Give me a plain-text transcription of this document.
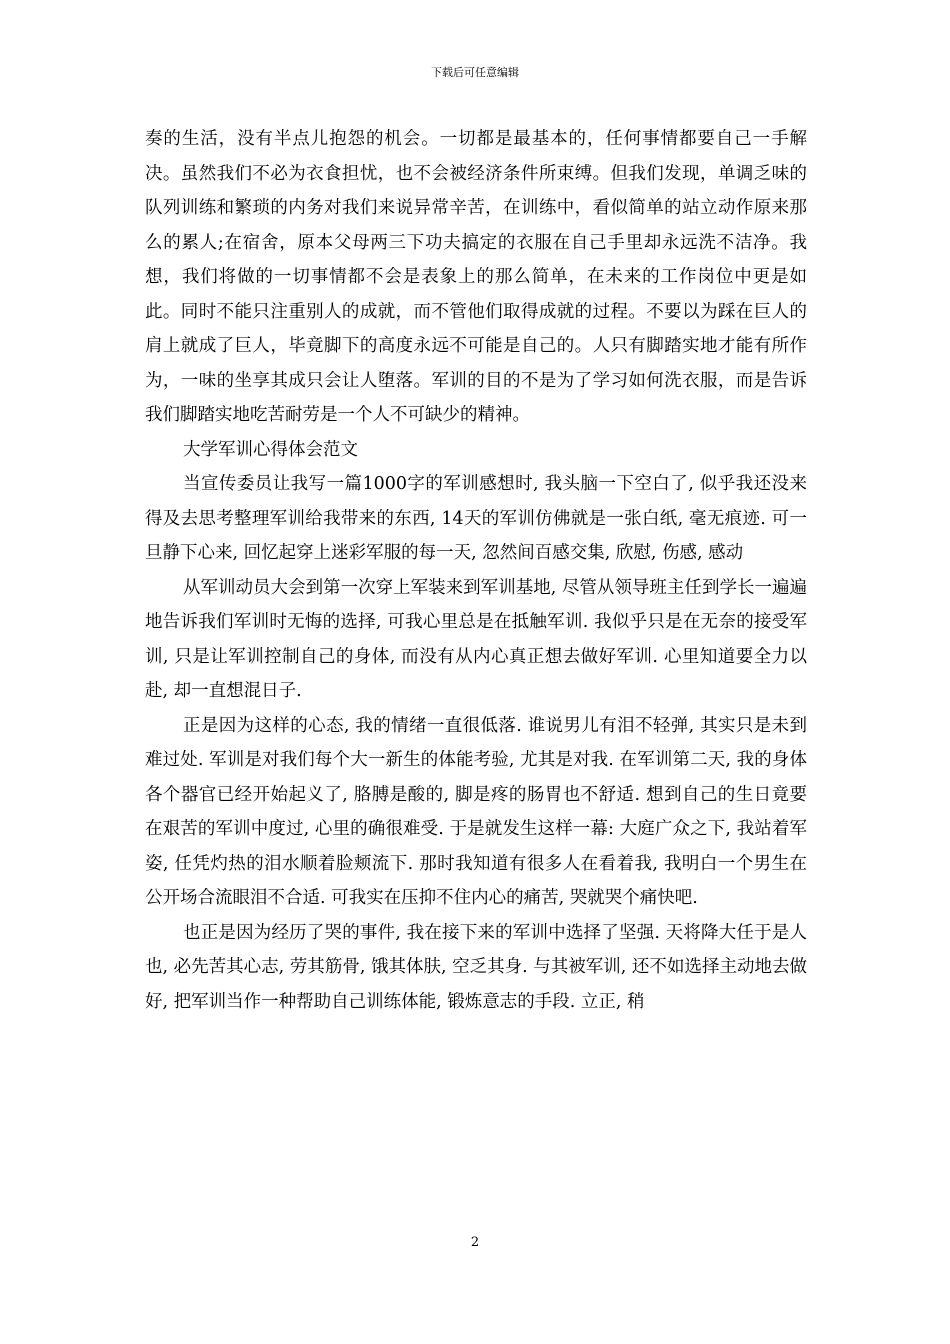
下载后可任意编辑

奏的生活，没有半点儿抱怨的机会。一切都是最基本的，任何事情都要自己一手解决。虽然我们不必为衣食担忧，也不会被经济条件所束缚。但我们发现，单调乏味的队列训练和繁琐的内务对我们来说异常辛苦，在训练中，看似简单的站立动作原来那么的累人;在宿舍，原本父母两三下功夫搞定的衣服在自己手里却永远洗不洁净。我想，我们将做的一切事情都不会是表象上的那么简单，在未来的工作岗位中更是如此。同时不能只注重别人的成就，而不管他们取得成就的过程。不要以为踩在巨人的肩上就成了巨人，毕竟脚下的高度永远不可能是自己的。人只有脚踏实地才能有所作为，一味的坐享其成只会让人堕落。军训的目的不是为了学习如何洗衣服，而是告诉我们脚踏实地吃苦耐劳是一个人不可缺少的精神。

大学军训心得体会范文

当宣传委员让我写一篇1000字的军训感想时, 我头脑一下空白了, 似乎我还没来得及去思考整理军训给我带来的东西, 14天的军训仿佛就是一张白纸, 毫无痕迹. 可一旦静下心来, 回忆起穿上迷彩军服的每一天, 忽然间百感交集, 欣慰, 伤感, 感动

从军训动员大会到第一次穿上军装来到军训基地, 尽管从领导班主任到学长一遍遍地告诉我们军训时无悔的选择, 可我心里总是在抵触军训. 我似乎只是在无奈的接受军训, 只是让军训控制自己的身体, 而没有从内心真正想去做好军训. 心里知道要全力以赴, 却一直想混日子.

正是因为这样的心态, 我的情绪一直很低落. 谁说男儿有泪不轻弹, 其实只是未到难过处. 军训是对我们每个大一新生的体能考验, 尤其是对我. 在军训第二天, 我的身体各个器官已经开始起义了, 胳膊是酸的, 脚是疼的肠胃也不舒适. 想到自己的生日竟要在艰苦的军训中度过, 心里的确很难受. 于是就发生这样一幕: 大庭广众之下, 我站着军姿, 任凭灼热的泪水顺着脸颊流下. 那时我知道有很多人在看着我, 我明白一个男生在公开场合流眼泪不合适. 可我实在压抑不住内心的痛苦, 哭就哭个痛快吧.

也正是因为经历了哭的事件, 我在接下来的军训中选择了坚强. 天将降大任于是人也, 必先苦其心志, 劳其筋骨, 饿其体肤, 空乏其身. 与其被军训, 还不如选择主动地去做好, 把军训当作一种帮助自己训练体能, 锻炼意志的手段. 立正, 稍

2
